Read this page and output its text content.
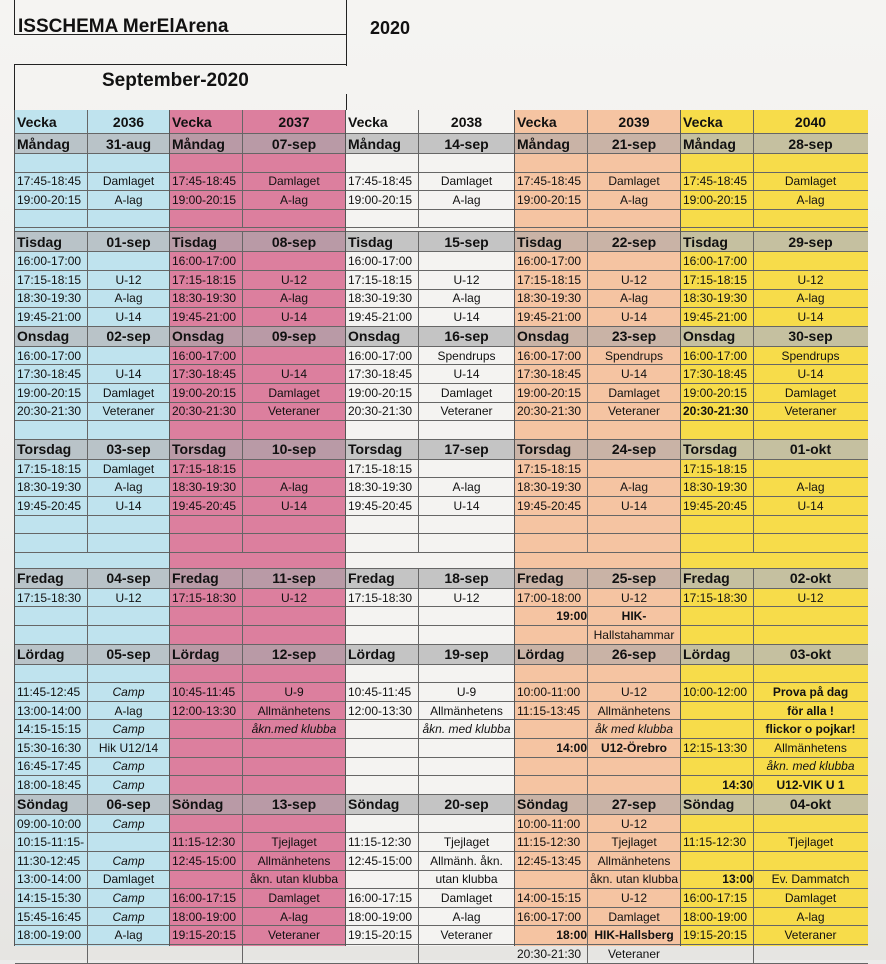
ISSCHEMA MerElArena	2020
September-2020
Vecka	2036
Måndag	31-aug
17:45-18:45	Damlaget
19:00-20:15	A-lag
Tisdag	01-sep
16:00-17:00
17:15-18:15	U-12
18:30-19:30	A-lag
19:45-21:00	U-14
Onsdag	02-sep
16:00-17:00
17:30-18:45	U-14
19:00-20:15	Damlaget
20:30-21:30	Veteraner
Torsdag	03-sep
17:15-18:15	Damlaget
18:30-19:30	A-lag
19:45-20:45	U-14
Fredag	04-sep
17:15-18:30	U-12
Lördag	05-sep
11:45-12:45	Camp
13:00-14:00	A-lag
14:15-15:15	Camp
15:30-16:30	Hik U12/14
16:45-17:45	Camp
18:00-18:45	Camp
Söndag	06-sep
09:00-10:00	Camp
10:15-11:15-
11:30-12:45	Camp
13:00-14:00	Damlaget
14:15-15:30	Camp
15:45-16:45	Camp
18:00-19:00	A-lag
Vecka	2037
Måndag	07-sep
17:45-18:45	Damlaget
19:00-20:15	A-lag
Tisdag	08-sep
16:00-17:00
17:15-18:15	U-12
18:30-19:30	A-lag
19:45-21:00	U-14
Onsdag	09-sep
16:00-17:00
17:30-18:45	U-14
19:00-20:15	Damlaget
20:30-21:30	Veteraner
Torsdag	10-sep
17:15-18:15
18:30-19:30	A-lag
19:45-20:45	U-14
Fredag	11-sep
17:15-18:30	U-12
Lördag	12-sep
10:45-11:45	U-9
12:00-13:30	Allmänhetens
åkn.med klubba
Söndag	13-sep
11:15-12:30	Tjejlaget
12:45-15:00	Allmänhetens
åkn. utan klubba
16:00-17:15	Damlaget
18:00-19:00	A-lag
19:15-20:15	Veteraner
Vecka	2038
Måndag	14-sep
17:45-18:45	Damlaget
19:00-20:15	A-lag
Tisdag	15-sep
16:00-17:00
17:15-18:15	U-12
18:30-19:30	A-lag
19:45-21:00	U-14
Onsdag	16-sep
16:00-17:00	Spendrups
17:30-18:45	U-14
19:00-20:15	Damlaget
20:30-21:30	Veteraner
Torsdag	17-sep
17:15-18:15
18:30-19:30	A-lag
19:45-20:45	U-14
Fredag	18-sep
17:15-18:30	U-12
Lördag	19-sep
10:45-11:45	U-9
12:00-13:30	Allmänhetens
åkn. med klubba
Söndag	20-sep
11:15-12:30	Tjejlaget
12:45-15:00	Allmänh. åkn.
utan klubba
16:00-17:15	Damlaget
18:00-19:00	A-lag
19:15-20:15	Veteraner
Vecka	2039
Måndag	21-sep
17:45-18:45	Damlaget
19:00-20:15	A-lag
Tisdag	22-sep
16:00-17:00
17:15-18:15	U-12
18:30-19:30	A-lag
19:45-21:00	U-14
Onsdag	23-sep
16:00-17:00	Spendrups
17:30-18:45	U-14
19:00-20:15	Damlaget
20:30-21:30	Veteraner
Torsdag	24-sep
17:15-18:15
18:30-19:30	A-lag
19:45-20:45	U-14
Fredag	25-sep
17:00-18:00	U-12
19:00	HIK-
Hallstahammar
Lördag	26-sep
10:00-11:00	U-12
11:15-13:45	Allmänhetens
åk med klubba
14:00	U12-Örebro
Söndag	27-sep
10:00-11:00	U-12
11:15-12:30	Tjejlaget
12:45-13:45	Allmänhetens
åkn. utan klubba
14:00-15:15	U-12
16:00-17:00	Damlaget
18:00 HIK-Hallsberg
20:30-21:30	Veteraner
Vecka	2040
Måndag	28-sep
17:45-18:45	Damlaget
19:00-20:15	A-lag
Tisdag	29-sep
16:00-17:00
17:15-18:15	U-12
18:30-19:30	A-lag
19:45-21:00	U-14
Onsdag	30-sep
16:00-17:00	Spendrups
17:30-18:45	U-14
19:00-20:15	Damlaget
20:30-21:30	Veteraner
Torsdag	01-okt
17:15-18:15
18:30-19:30	A-lag
19:45-20:45	U-14
Fredag	02-okt
17:15-18:30	U-12
Lördag	03-okt
10:00-12:00	Prova på dag
för alla !
flickor o pojkar!
12:15-13:30	Allmänhetens
åkn. med klubba
14:30	U12-VIK U 1
Söndag	04-okt
11:15-12:30	Tjejlaget
13:00	Ev. Dammatch
16:00-17:15	Damlaget
18:00-19:00	A-lag
19:15-20:15	Veteraner
